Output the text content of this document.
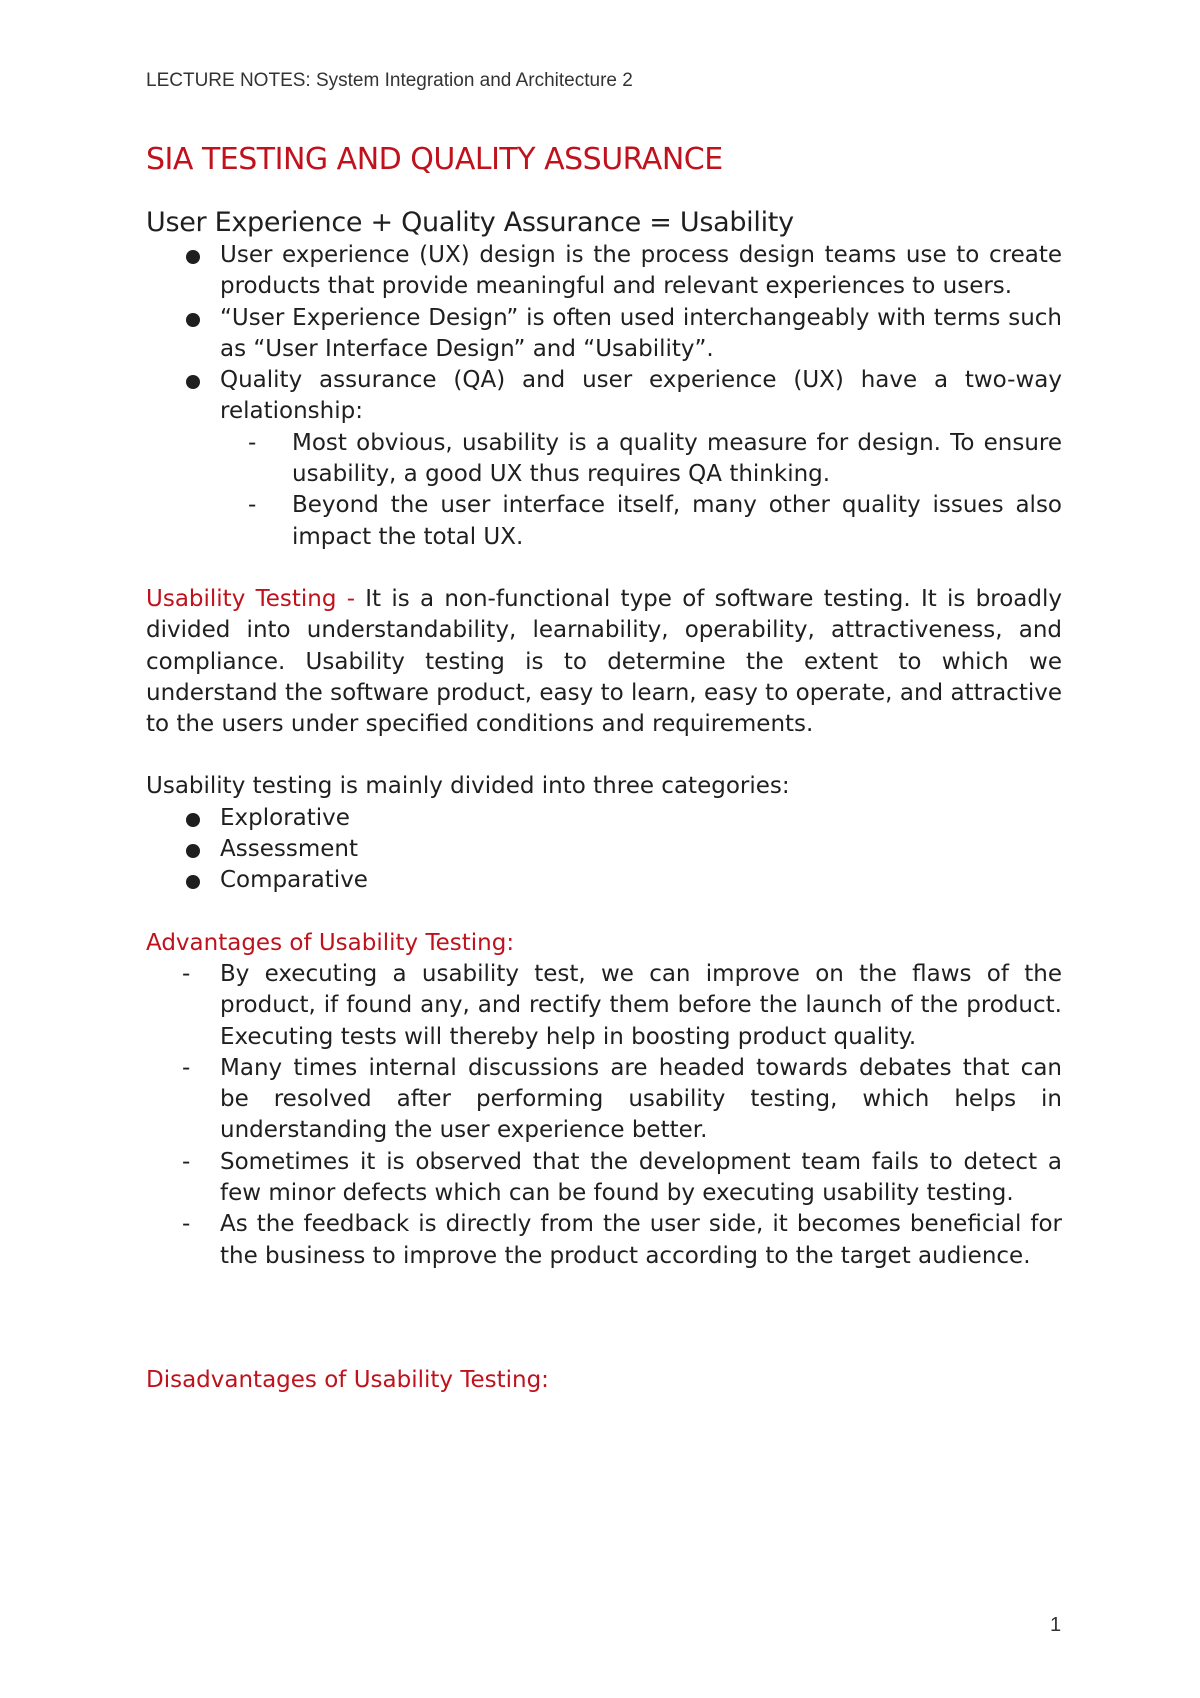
LECTURE NOTES: System Integration and Architecture 2
SIA TESTING AND QUALITY ASSURANCE
User Experience + Quality Assurance = Usability
User experience (UX) design is the process design teams use to create products that provide meaningful and relevant experiences to users.
“User Experience Design” is often used interchangeably with terms such as “User Interface Design” and “Usability”.
Quality assurance (QA) and user experience (UX) have a two-way relationship:
- Most obvious, usability is a quality measure for design. To ensure usability, a good UX thus requires QA thinking.
- Beyond the user interface itself, many other quality issues also impact the total UX.

Usability Testing - It is a non-functional type of software testing. It is broadly divided into understandability, learnability, operability, attractiveness, and compliance. Usability testing is to determine the extent to which we understand the software product, easy to learn, easy to operate, and attractive to the users under specified conditions and requirements.

Usability testing is mainly divided into three categories:

Explorative
Assessment
Comparative

Advantages of Usability Testing:

- By executing a usability test, we can improve on the flaws of the product, if found any, and rectify them before the launch of the product. Executing tests will thereby help in boosting product quality.
- Many times internal discussions are headed towards debates that can be resolved after performing usability testing, which helps in understanding the user experience better.
- Sometimes it is observed that the development team fails to detect a few minor defects which can be found by executing usability testing.
- As the feedback is directly from the user side, it becomes beneficial for the business to improve the product according to the target audience.

Disadvantages of Usability Testing:

1
